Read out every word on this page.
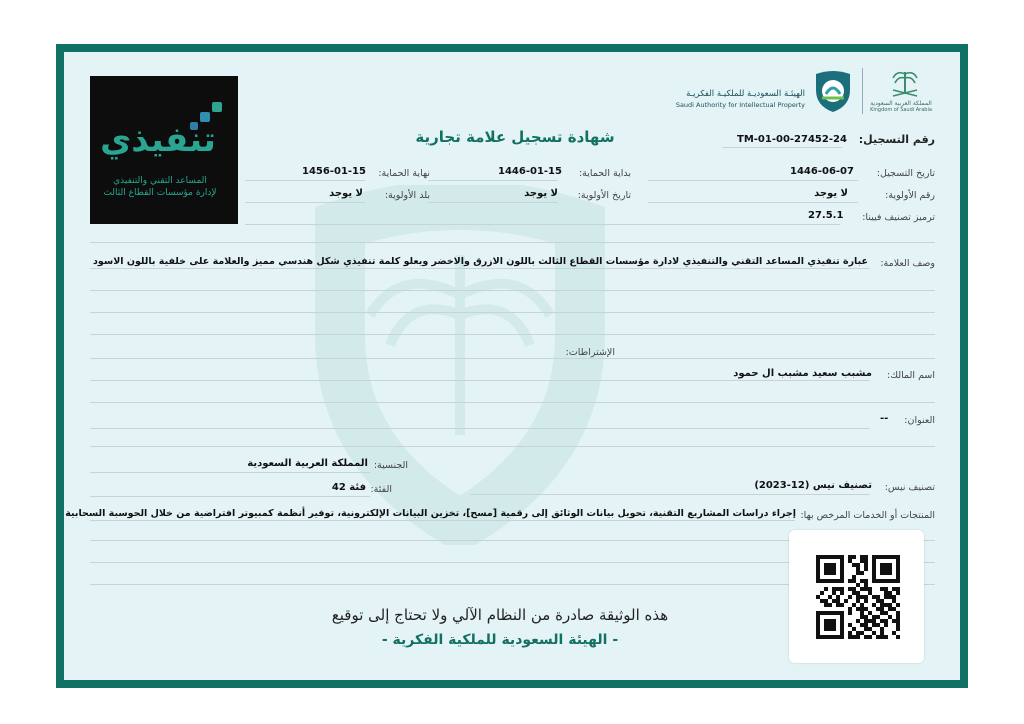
المملكة العربية السعودية
Kingdom of Saudi Arabia
الهيئـة السعوديـة للملكيـة الفكريـة
Saudi Authority for Intellectual Property
تنفيذي
المساعد التقني والتنفيذي
لإدارة مؤسسات القطاع الثالث
شهادة تسجيل علامة تجارية	رقم التسجيل:
TM-01-00-27452-24
تاريخ التسجيل:
1446-06-07
بداية الحماية:
1446-01-15
نهاية الحماية:
1456-01-15
رقم الأولوية:
لا يوجد
تاريخ الأولوية:
لا يوجد
بلد الأولوية:
لا يوجد
ترميز تصنيف فيينا:
27.5.1
وصف العلامة:
عبارة تنفيذي المساعد التقني والتنفيذي لادارة مؤسسات القطاع الثالث باللون الازرق والاخضر ويعلو كلمة تنفيذي شكل هندسي مميز والعلامة على خلفية باللون الاسود
الإشتراطات:
اسم المالك:
مشبب سعيد مشبب ال حمود
العنوان:
--
الجنسية:
المملكة العربية السعودية
تصنيف نيس:
تصنيف نيس (12-2023)
الفئة:
فئة 42
المنتجات أو الخدمات المرخص بها:
إجراء دراسات المشاريع التقنية، تحويل بيانات الوثائق إلى رقمية [مسح]، تخزين البيانات الإلكترونية، توفير أنظمة كمبيوتر افتراضية من خلال الحوسبة السحابية
هذه الوثيقة صادرة من النظام الآلي ولا تحتاج إلى توقيع
- الهيئة السعودية للملكية الفكرية -
